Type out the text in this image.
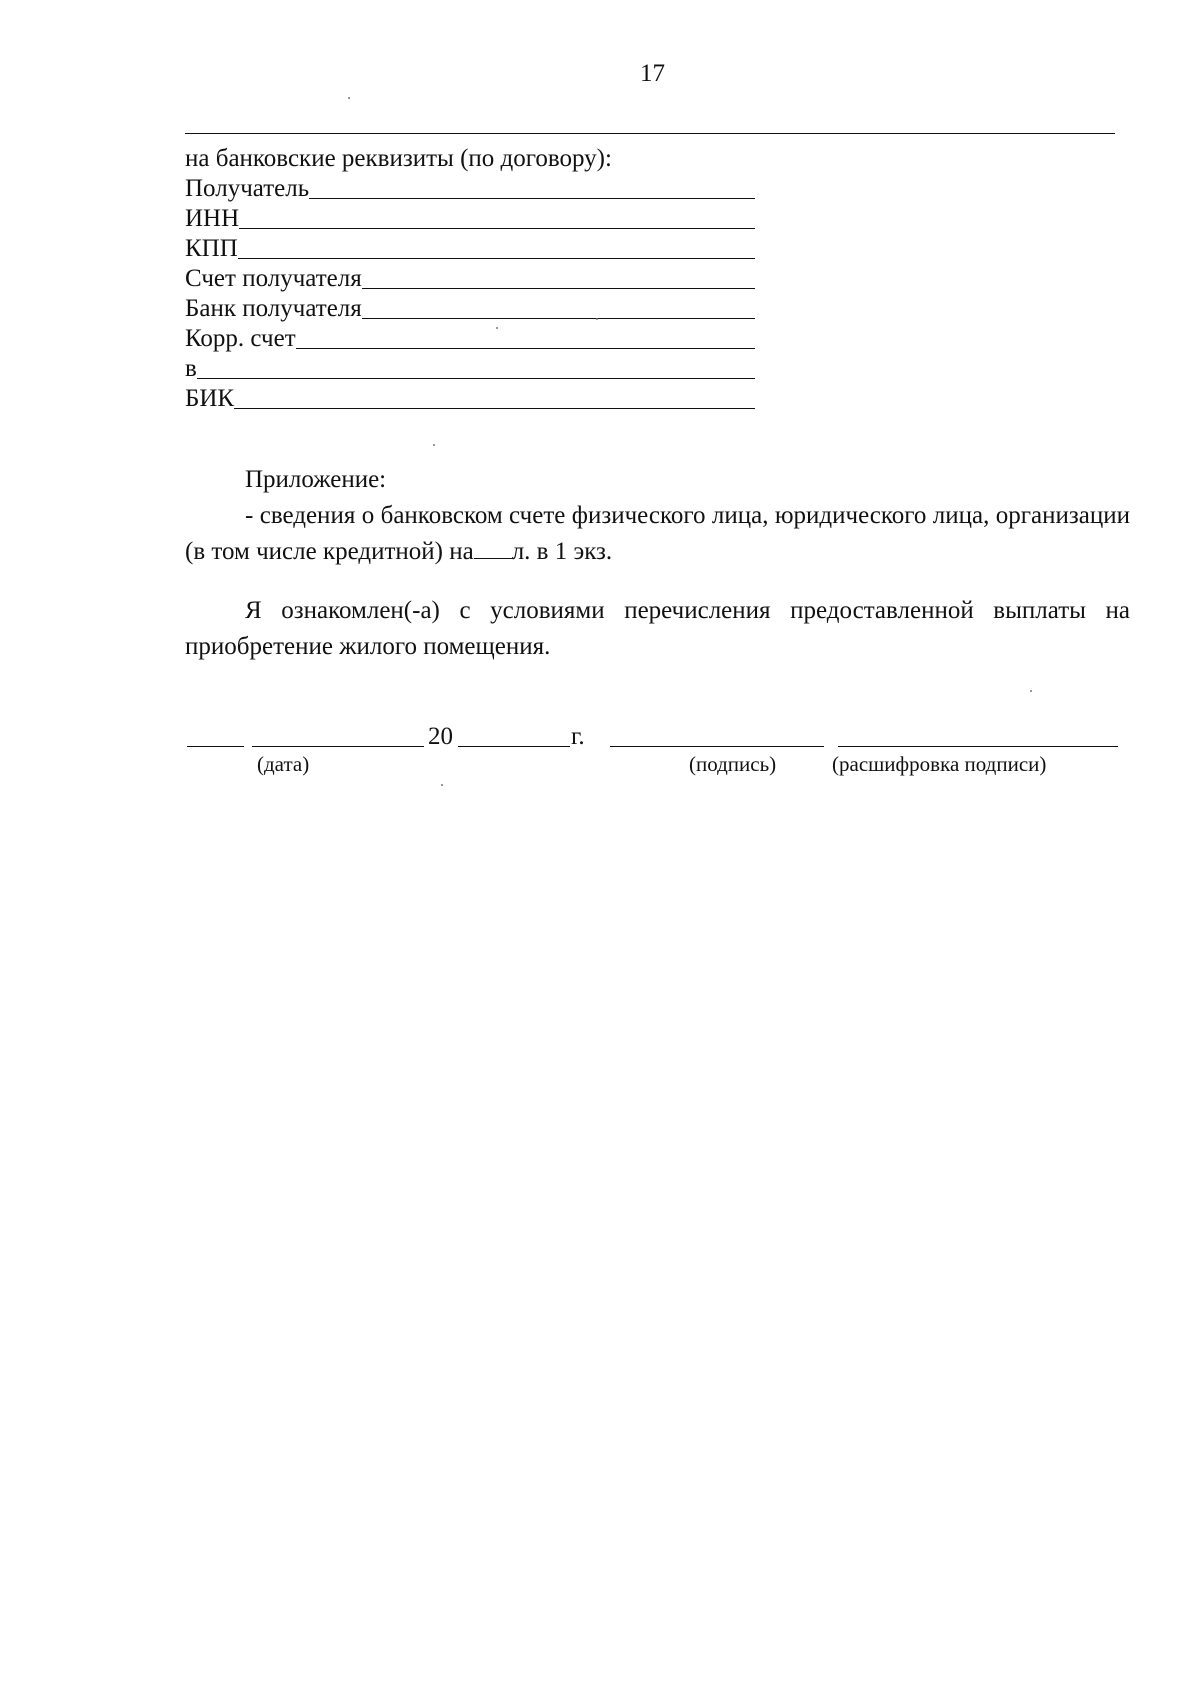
17
на банковские реквизиты (по договору):
Получатель
ИНН
КПП
Счет получателя
Банк получателя
Корр. счет
в
БИК
Приложение:
- сведения о банковском счете физического лица, юридического лица, организации (в том числе кредитной) на л. в 1 экз.
Я ознакомлен(-а) с условиями перечисления предоставленной выплаты на приобретение жилого помещения.
20	г.
(дата)	(подпись)	(расшифровка подписи)
